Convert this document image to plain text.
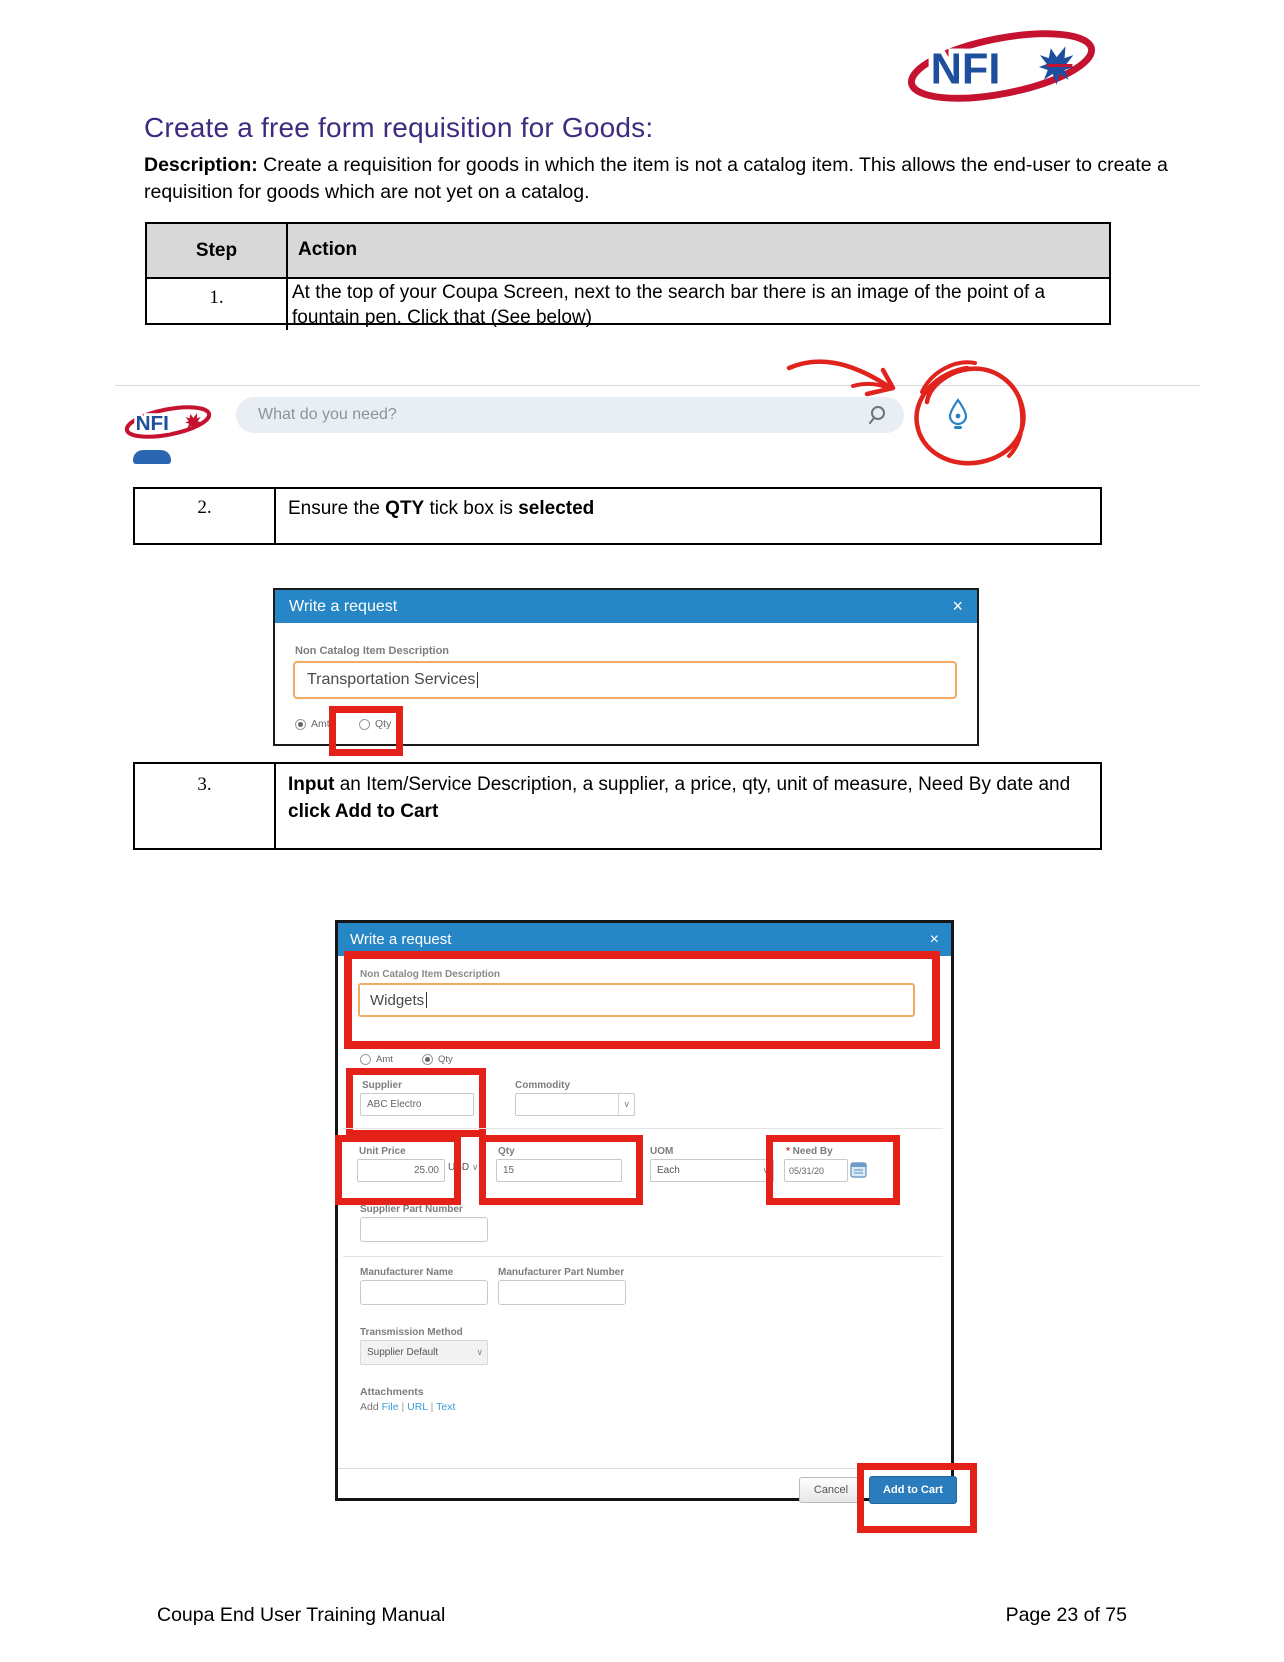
NFI
Create a free form requisition for Goods:
Description: Create a requisition for goods in which the item is not a catalog item. This allows the end-user to create a requisition for goods which are not yet on a catalog.
Step	Action
1.	At the top of your Coupa Screen, next to the search bar there is an image of the point of a fountain pen. Click that (See below)
NFI	What do you need?
2.	Ensure the QTY tick box is selected
Write a request	×
Non Catalog Item Description
Transportation Services
Amt	Qty
3.	Input an Item/Service Description, a supplier, a price, qty, unit of measure, Need By date and click Add to Cart
Write a request	×
Non Catalog Item Description
Widgets
Amt	Qty
Supplier
ABC Electro
Commodity
∨
Unit Price
25.00 USD ∨
Qty
15
UOM
Each	∨
* Need By
05/31/20
Supplier Part Number
Manufacturer Name	Manufacturer Part Number
Transmission Method
Supplier Default	∨
Attachments
Add File | URL | Text
Cancel	Add to Cart
Coupa End User Training Manual	Page 23 of 75
